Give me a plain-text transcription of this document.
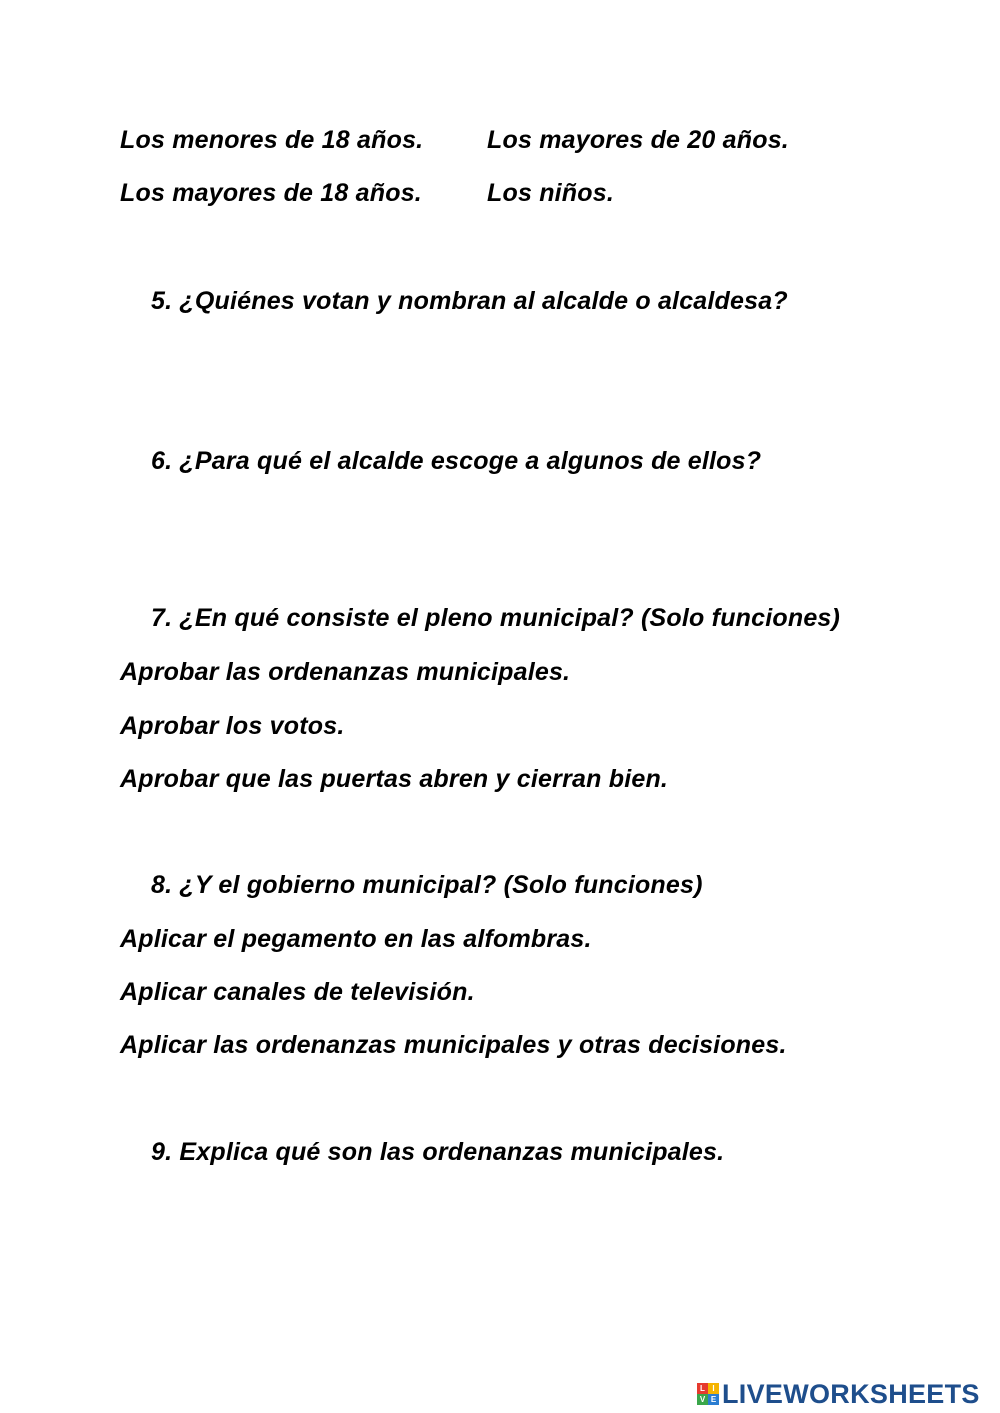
Los menores de 18 años.	Los mayores de 20 años.
Los mayores de 18 años.	Los niños.
5. ¿Quiénes votan y nombran al alcalde o alcaldesa?
6. ¿Para qué el alcalde escoge a algunos de ellos?
7. ¿En qué consiste el pleno municipal? (Solo funciones)
Aprobar las ordenanzas municipales.
Aprobar los votos.
Aprobar que las puertas abren y cierran bien.
8. ¿Y el gobierno municipal? (Solo funciones)
Aplicar el pegamento en las alfombras.
Aplicar canales de televisión.
Aplicar las ordenanzas municipales y otras decisiones.
9. Explica qué son las ordenanzas municipales.
L I
V E LIVEWORKSHEETS
